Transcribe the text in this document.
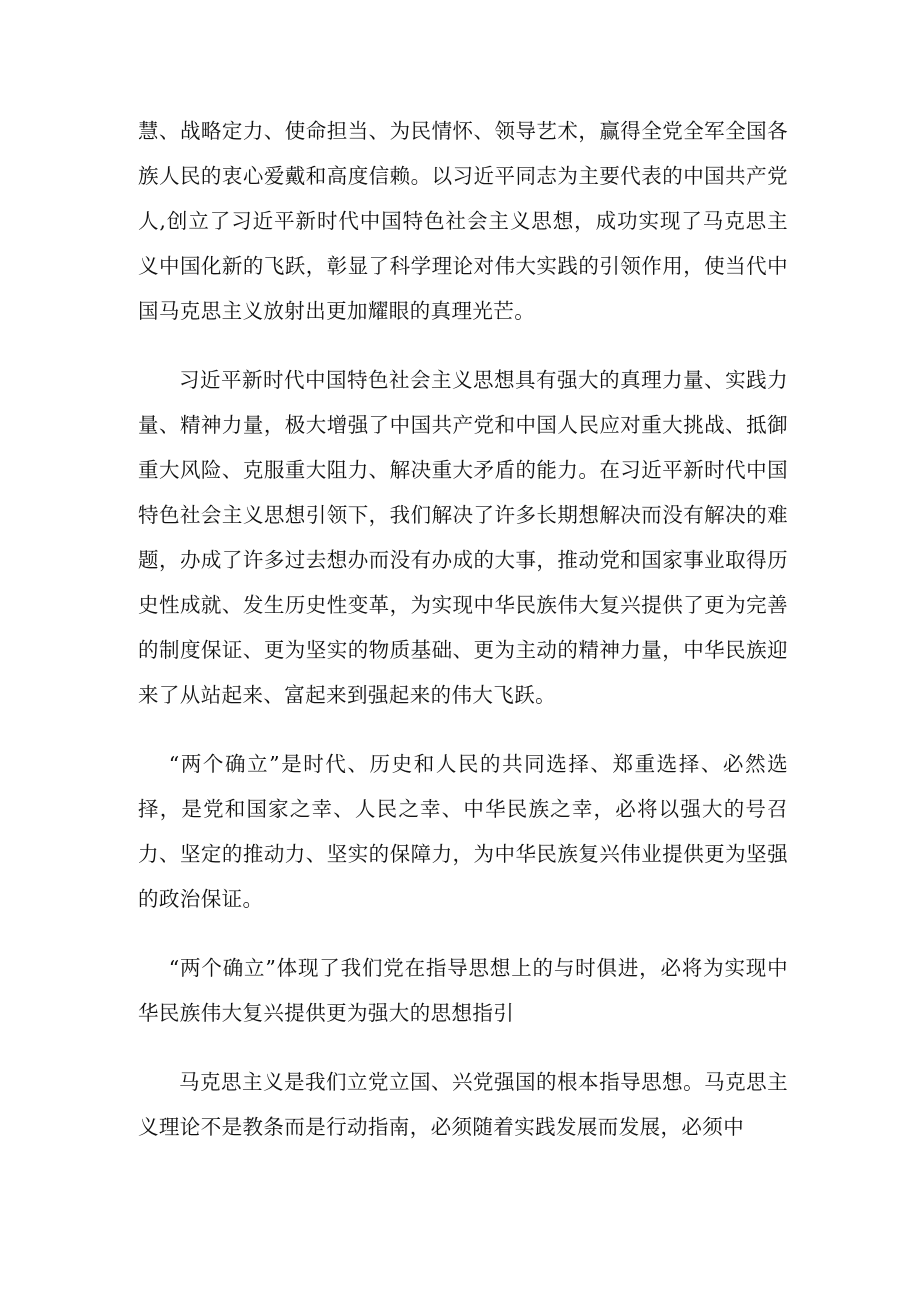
慧、战略定力、使命担当、为民情怀、领导艺术，赢得全党全军全国各族人民的衷心爱戴和高度信赖。以习近平同志为主要代表的中国共产党人,创立了习近平新时代中国特色社会主义思想，成功实现了马克思主义中国化新的飞跃，彰显了科学理论对伟大实践的引领作用，使当代中国马克思主义放射出更加耀眼的真理光芒。

习近平新时代中国特色社会主义思想具有强大的真理力量、实践力量、精神力量，极大增强了中国共产党和中国人民应对重大挑战、抵御重大风险、克服重大阻力、解决重大矛盾的能力。在习近平新时代中国特色社会主义思想引领下，我们解决了许多长期想解决而没有解决的难题，办成了许多过去想办而没有办成的大事，推动党和国家事业取得历史性成就、发生历史性变革，为实现中华民族伟大复兴提供了更为完善的制度保证、更为坚实的物质基础、更为主动的精神力量，中华民族迎来了从站起来、富起来到强起来的伟大飞跃。

“两个确立”是时代、历史和人民的共同选择、郑重选择、必然选择，是党和国家之幸、人民之幸、中华民族之幸，必将以强大的号召力、坚定的推动力、坚实的保障力，为中华民族复兴伟业提供更为坚强的政治保证。

“两个确立”体现了我们党在指导思想上的与时俱进，必将为实现中华民族伟大复兴提供更为强大的思想指引

马克思主义是我们立党立国、兴党强国的根本指导思想。马克思主义理论不是教条而是行动指南，必须随着实践发展而发展，必须中
